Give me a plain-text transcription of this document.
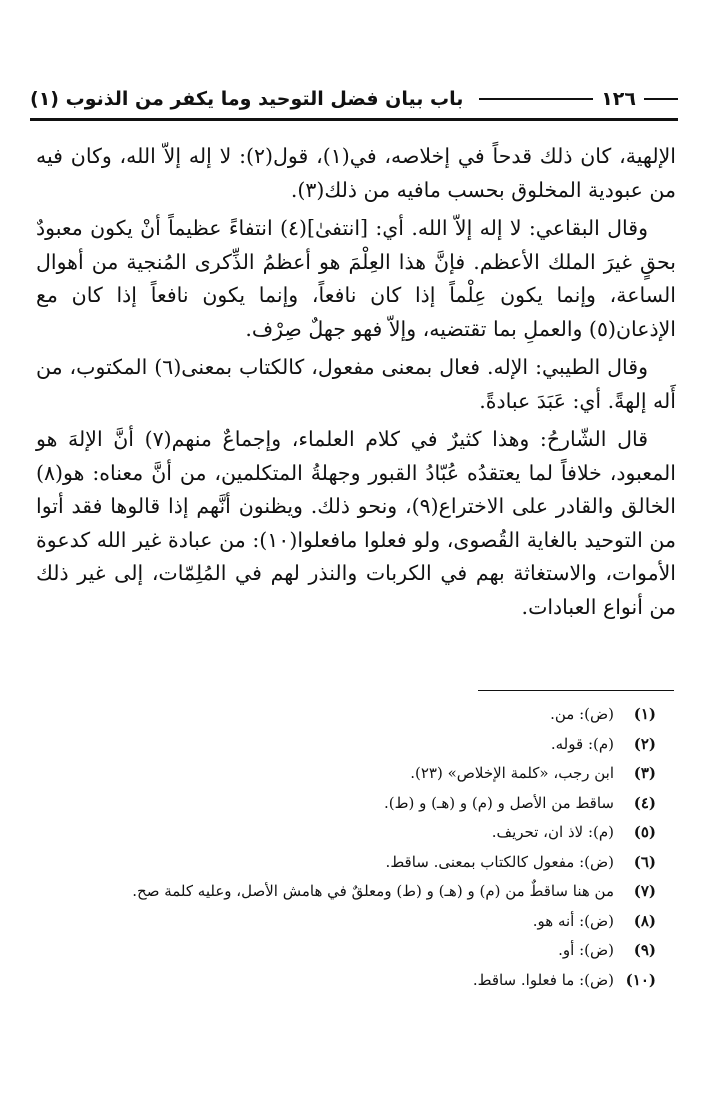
١٢٦
باب بيان فضل التوحيد وما يكفر من الذنوب (١)

الإلهية، كان ذلك قدحاً في إخلاصه، في(١)، قول(٢): لا إله إلاّ الله، وكان فيه من عبودية المخلوق بحسب مافيه من ذلك(٣).

وقال البقاعي: لا إله إلاّ الله. أي: [انتفىٰ](٤) انتفاءً عظيماً أنْ يكون معبودٌ بحقٍ غيرَ الملك الأعظم. فإنَّ هذا العِلْمَ هو أعظمُ الذِّكرى المُنجية من أهوال الساعة، وإنما يكون عِلْماً إذا كان نافعاً، وإنما يكون نافعاً إذا كان مع الإذعان(٥) والعملِ بما تقتضيه، وإلاّ فهو جهلٌ صِرْف.

وقال الطيبي: الإله. فعال بمعنى مفعول، كالكتاب بمعنى(٦) المكتوب، من أَله إلهةً. أي: عَبَدَ عبادةً.

قال الشّارحُ: وهذا كثيرٌ في كلام العلماء، وإجماعٌ منهم(٧) أنَّ الإلهَ هو المعبود، خلافاً لما يعتقدُه عُبّادُ القبور وجهلةُ المتكلمين، من أنَّ معناه: هو(٨) الخالق والقادر على الاختراع(٩)، ونحو ذلك. ويظنون أنَّهم إذا قالوها فقد أتوا من التوحيد بالغاية القُصوى، ولو فعلوا مافعلوا(١٠): من عبادة غير الله كدعوة الأموات، والاستغاثة بهم في الكربات والنذر لهم في المُلِمّات، إلى غير ذلك من أنواع العبادات.

(١)(ض): من.
(٢)(م): قوله.
(٣)ابن رجب، «كلمة الإخلاص» (٢٣).
(٤)ساقط من الأصل و (م) و (هـ) و (ط).
(٥)(م): لاذ ان، تحريف.
(٦)(ض): مفعول كالكتاب بمعنى. ساقط.
(٧)من هنا ساقطٌ من (م) و (هـ) و (ط) ومعلقٌ في هامش الأصل، وعليه كلمة صح.
(٨)(ض): أنه هو.
(٩)(ض): أو.
(١٠)(ض): ما فعلوا. ساقط.
